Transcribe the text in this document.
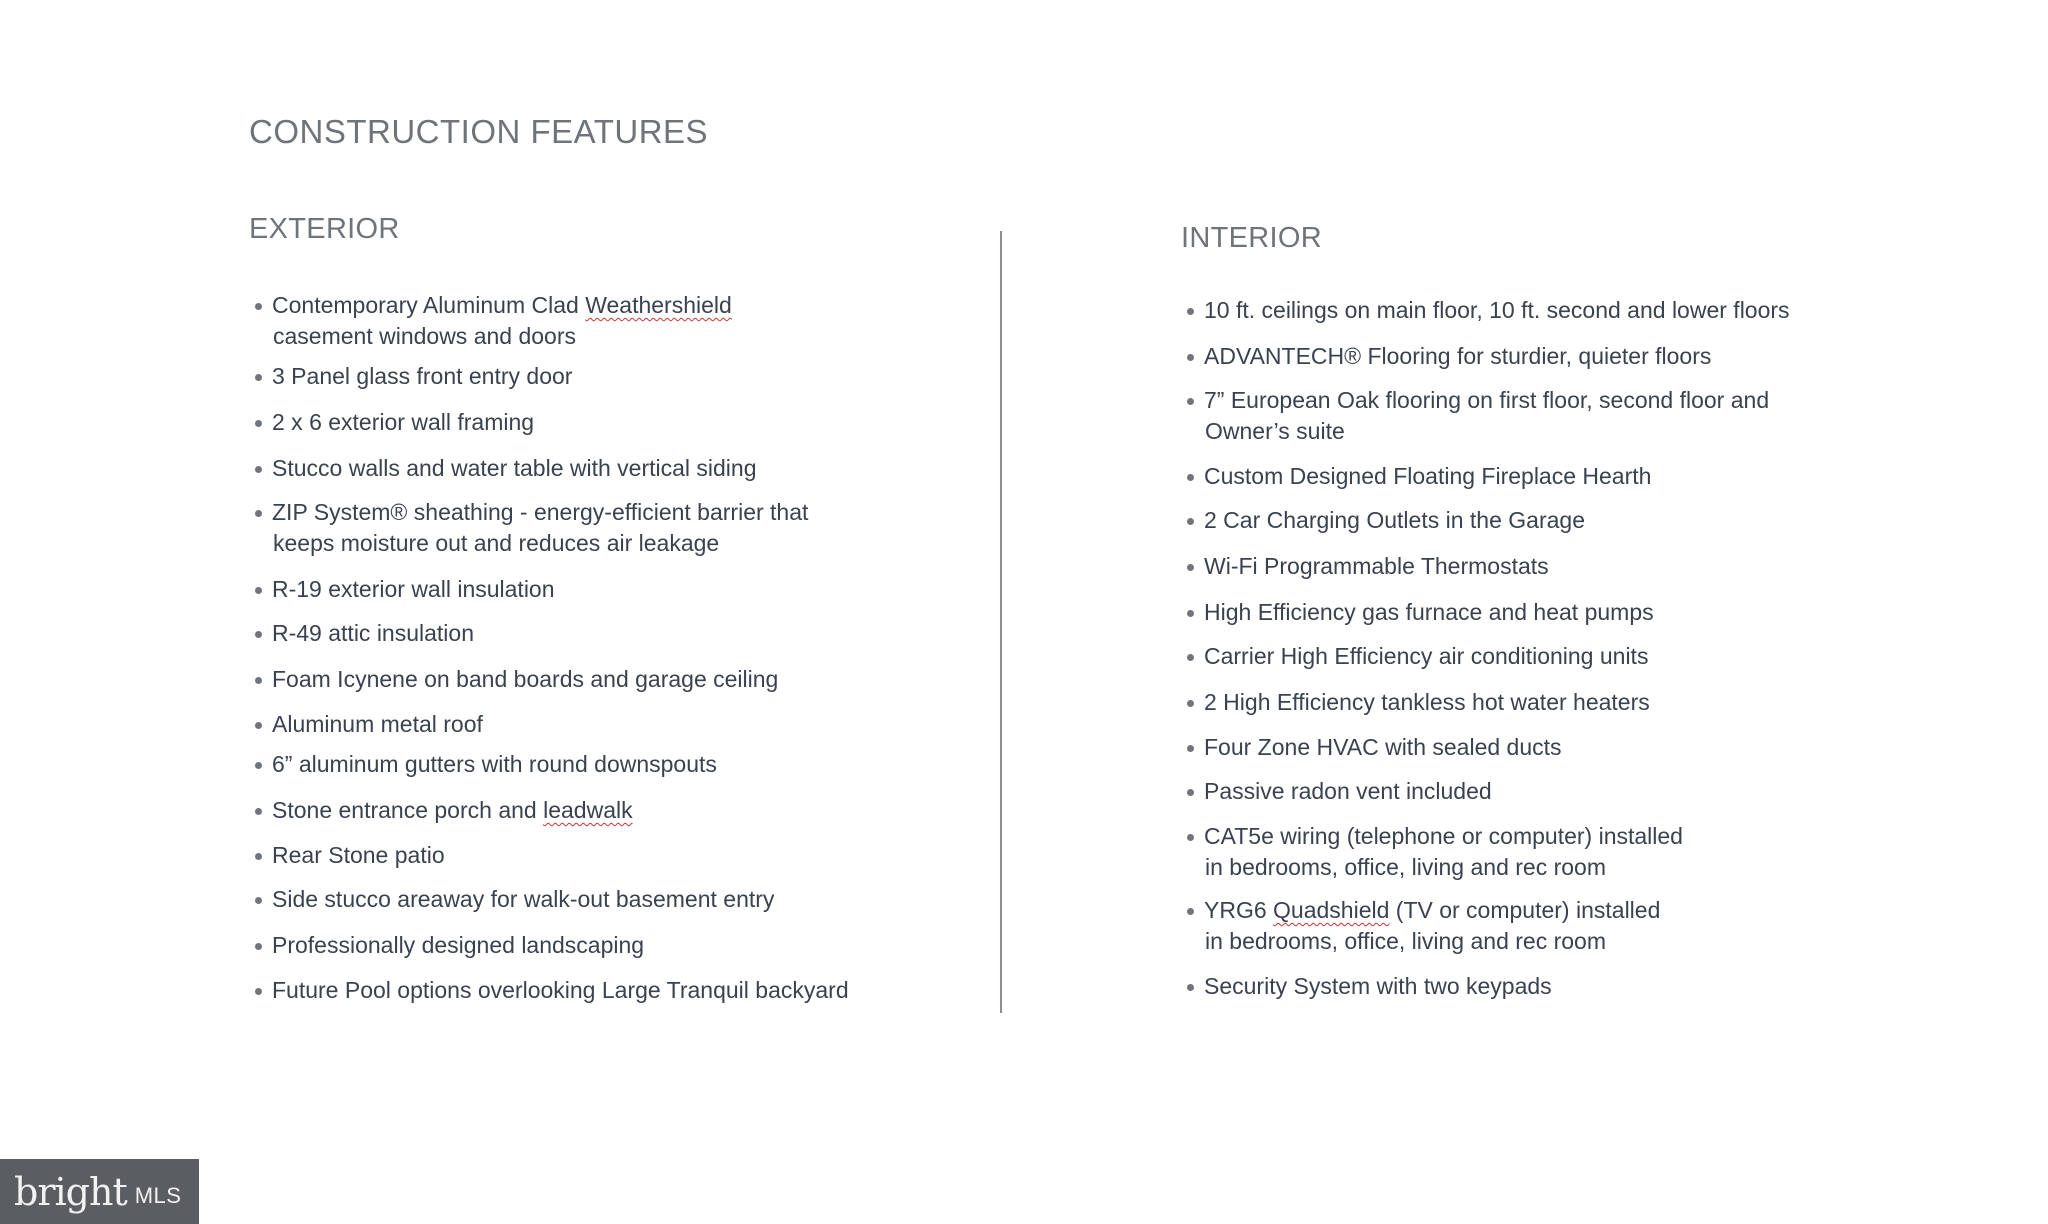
CONSTRUCTION FEATURES
EXTERIOR	INTERIOR
Contemporary Aluminum Clad Weathershield
casement windows and doors
3 Panel glass front entry door
2 x 6 exterior wall framing
Stucco walls and water table with vertical siding
ZIP System® sheathing - energy-efficient barrier that
keeps moisture out and reduces air leakage
R-19 exterior wall insulation
R-49 attic insulation
Foam Icynene on band boards and garage ceiling
Aluminum metal roof
6” aluminum gutters with round downspouts
Stone entrance porch and leadwalk
Rear Stone patio
Side stucco areaway for walk-out basement entry
Professionally designed landscaping
Future Pool options overlooking Large Tranquil backyard
10 ft. ceilings on main floor, 10 ft. second and lower floors
ADVANTECH® Flooring for sturdier, quieter floors
7” European Oak flooring on first floor, second floor and
Owner’s suite
Custom Designed Floating Fireplace Hearth
2 Car Charging Outlets in the Garage
Wi-Fi Programmable Thermostats
High Efficiency gas furnace and heat pumps
Carrier High Efficiency air conditioning units
2 High Efficiency tankless hot water heaters
Four Zone HVAC with sealed ducts
Passive radon vent included
CAT5e wiring (telephone or computer) installed
in bedrooms, office, living and rec room
YRG6 Quadshield (TV or computer) installed
in bedrooms, office, living and rec room
Security System with two keypads
bright MLS
